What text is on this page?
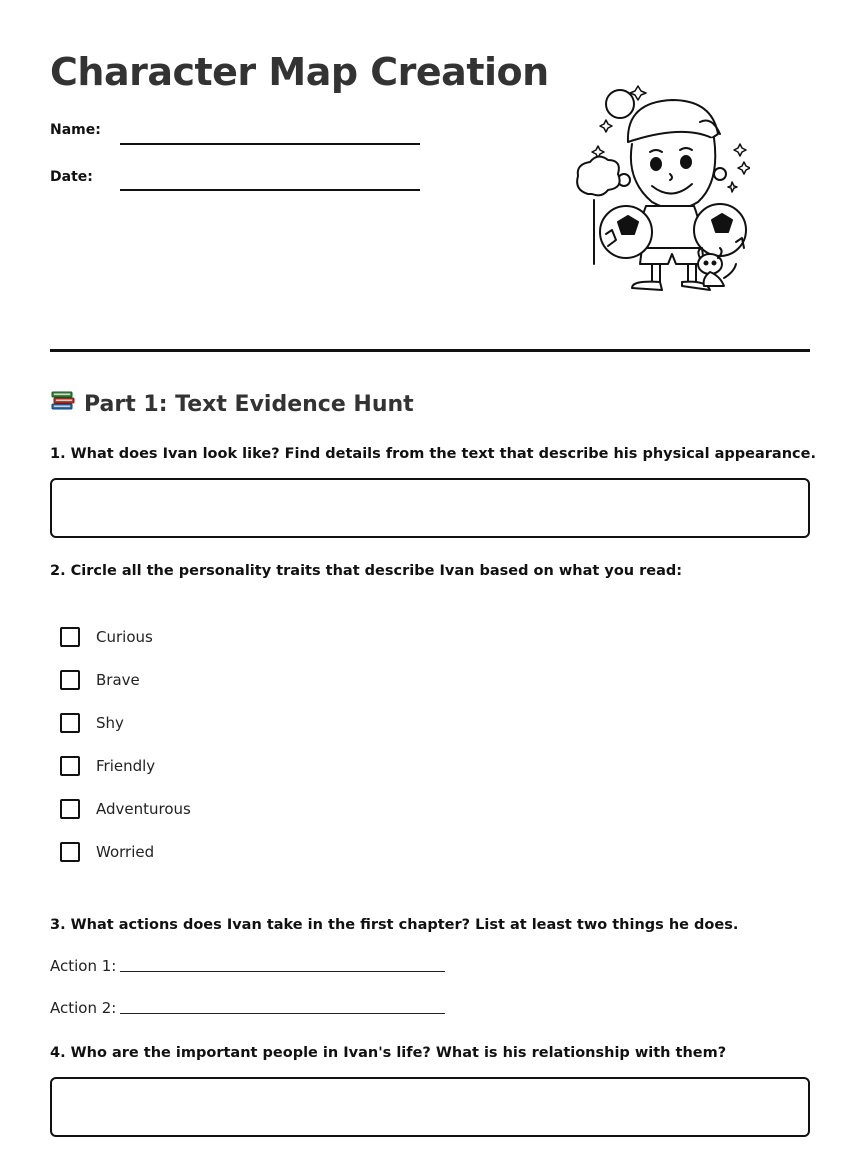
Character Map Creation
Name:
Date:
Part 1: Text Evidence Hunt

1. What does Ivan look like? Find details from the text that describe his physical appearance.

2. Circle all the personality traits that describe Ivan based on what you read:

Curious
Brave
Shy
Friendly
Adventurous
Worried

3. What actions does Ivan take in the first chapter? List at least two things he does.

Action 1:
Action 2:

4. Who are the important people in Ivan's life? What is his relationship with them?
